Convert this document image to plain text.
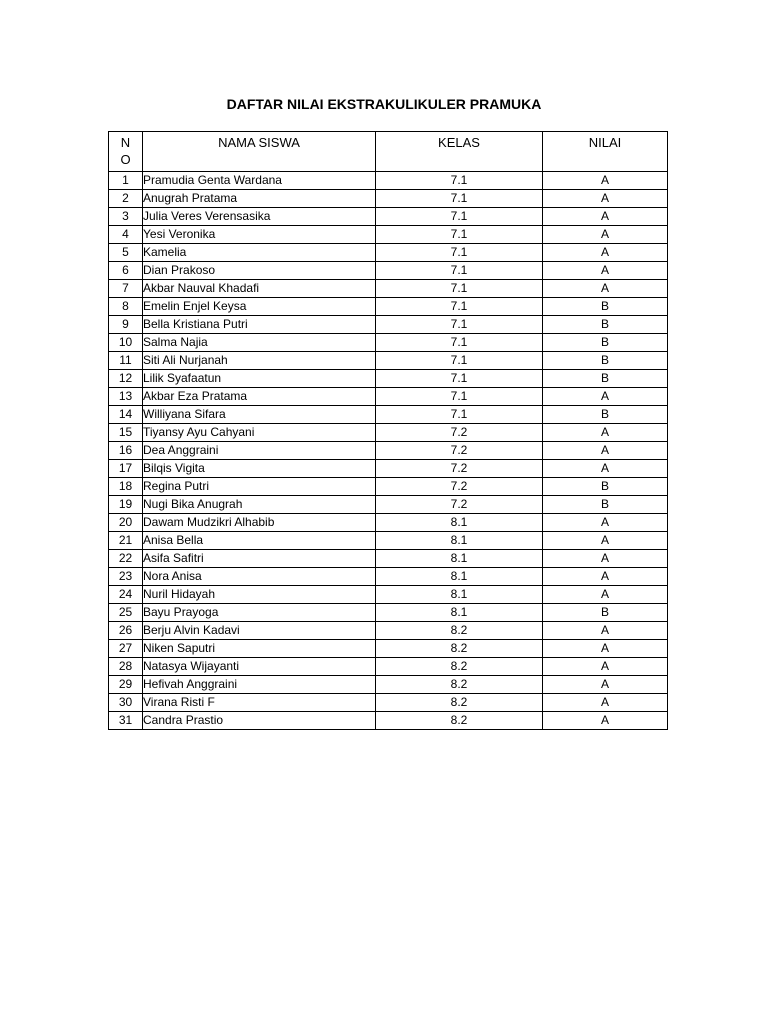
DAFTAR NILAI EKSTRAKULIKULER PRAMUKA
N
O	NAMA SISWA	KELAS	NILAI
1	Pramudia Genta Wardana	7.1	A
2	Anugrah Pratama	7.1	A
3	Julia Veres Verensasika	7.1	A
4	Yesi Veronika	7.1	A
5	Kamelia	7.1	A
6	Dian Prakoso	7.1	A
7	Akbar Nauval Khadafi	7.1	A
8	Emelin Enjel Keysa	7.1	B
9	Bella Kristiana Putri	7.1	B
10	Salma Najia	7.1	B
11	Siti Ali Nurjanah	7.1	B
12	Lilik Syafaatun	7.1	B
13	Akbar Eza Pratama	7.1	A
14	Williyana Sifara	7.1	B
15	Tiyansy Ayu Cahyani	7.2	A
16	Dea Anggraini	7.2	A
17	Bilqis Vigita	7.2	A
18	Regina Putri	7.2	B
19	Nugi Bika Anugrah	7.2	B
20	Dawam Mudzikri Alhabib	8.1	A
21	Anisa Bella	8.1	A
22	Asifa Safitri	8.1	A
23	Nora Anisa	8.1	A
24	Nuril Hidayah	8.1	A
25	Bayu Prayoga	8.1	B
26	Berju Alvin Kadavi	8.2	A
27	Niken Saputri	8.2	A
28	Natasya Wijayanti	8.2	A
29	Hefivah Anggraini	8.2	A
30	Virana Risti F	8.2	A
31	Candra Prastio	8.2	A
